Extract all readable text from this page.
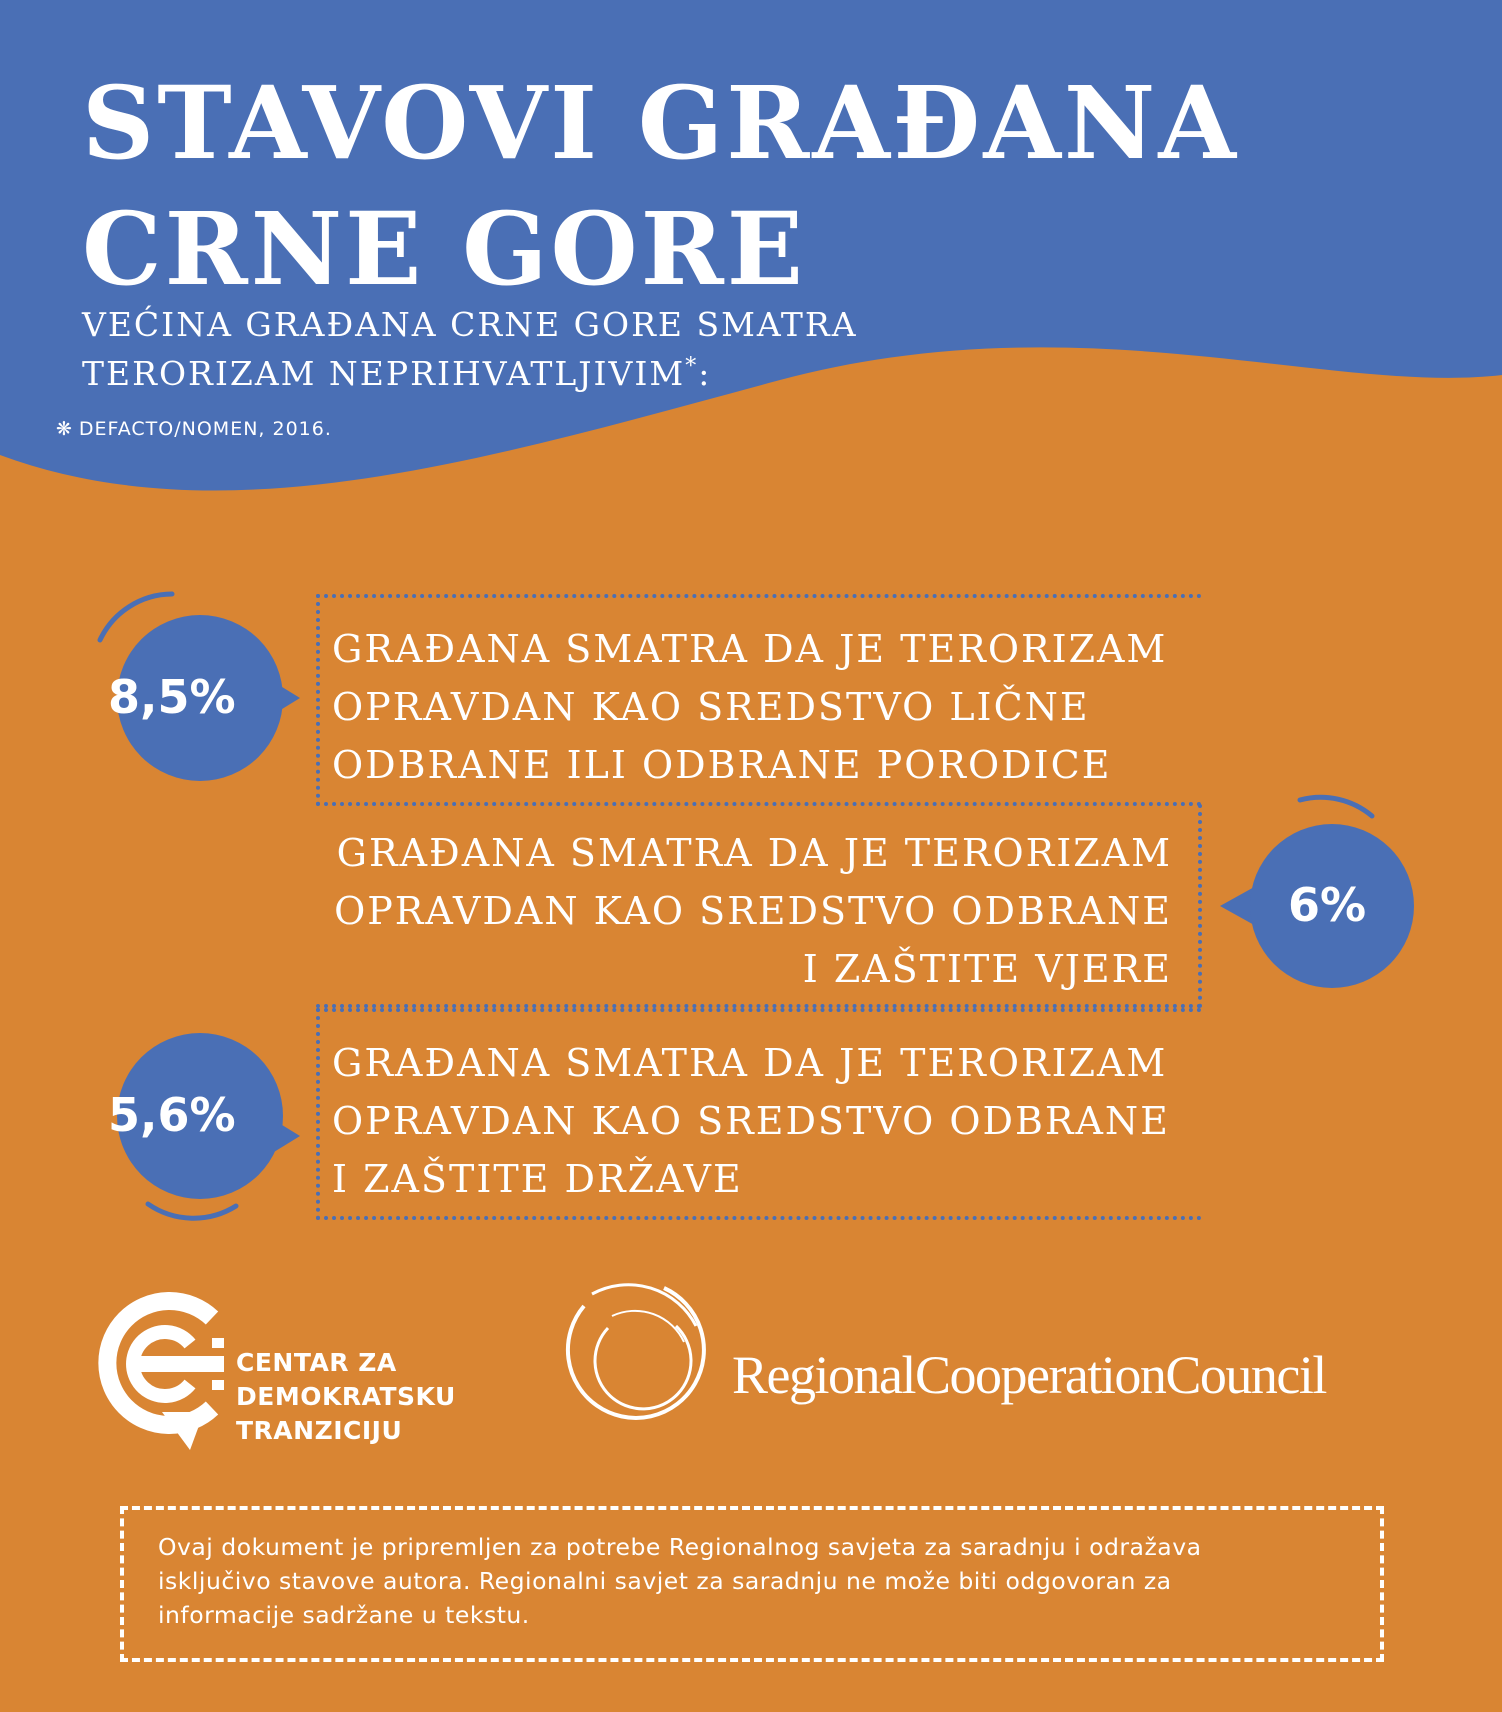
STAVOVI GRAĐANA
CRNE GORE

VEĆINA GRAĐANA CRNE GORE SMATRA
TERORIZAM NEPRIHVATLJIVIM*:

❋ DEFACTO/NOMEN, 2016.
8,5%
GRAĐANA SMATRA DA JE TERORIZAM
OPRAVDAN KAO SREDSTVO LIČNE
ODBRANE ILI ODBRANE PORODICE
6%
GRAĐANA SMATRA DA JE TERORIZAM
OPRAVDAN KAO SREDSTVO ODBRANE
I ZAŠTITE VJERE
5,6%
GRAĐANA SMATRA DA JE TERORIZAM
OPRAVDAN KAO SREDSTVO ODBRANE
I ZAŠTITE DRŽAVE
CENTAR ZA
DEMOKRATSKU
TRANZICIJU
RegionalCooperationCouncil
Ovaj dokument je pripremljen za potrebe Regionalnog savjeta za saradnju i odražava
isključivo stavove autora. Regionalni savjet za saradnju ne može biti odgovoran za
informacije sadržane u tekstu.
